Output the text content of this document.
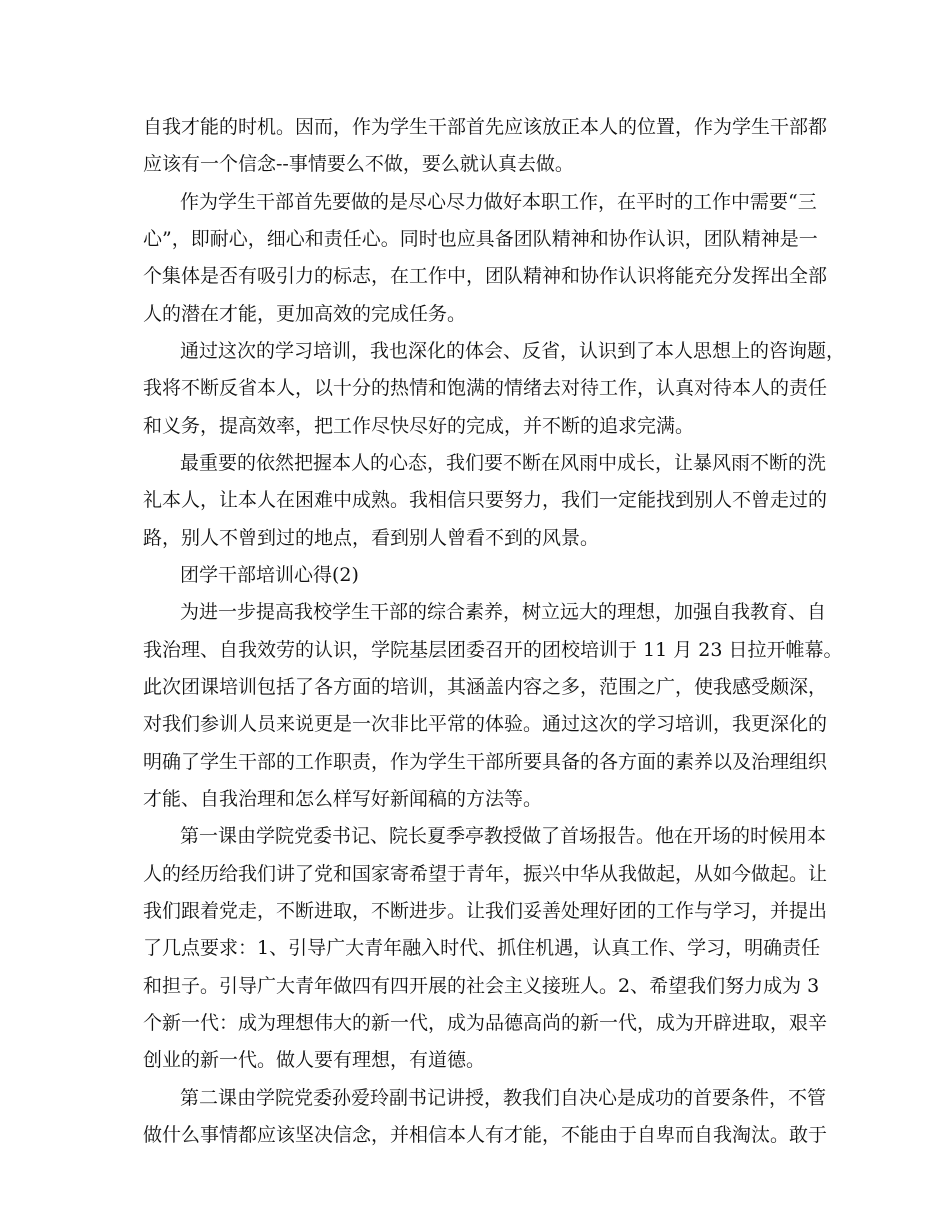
自我才能的时机。因而，作为学生干部首先应该放正本人的位置，作为学生干部都
应该有一个信念--事情要么不做，要么就认真去做。
作为学生干部首先要做的是尽心尽力做好本职工作，在平时的工作中需要“三
心”，即耐心，细心和责任心。同时也应具备团队精神和协作认识，团队精神是一
个集体是否有吸引力的标志，在工作中，团队精神和协作认识将能充分发挥出全部
人的潜在才能，更加高效的完成任务。
通过这次的学习培训，我也深化的体会、反省，认识到了本人思想上的咨询题，
我将不断反省本人，以十分的热情和饱满的情绪去对待工作，认真对待本人的责任
和义务，提高效率，把工作尽快尽好的完成，并不断的追求完满。
最重要的依然把握本人的心态，我们要不断在风雨中成长，让暴风雨不断的洗
礼本人，让本人在困难中成熟。我相信只要努力，我们一定能找到别人不曾走过的
路，别人不曾到过的地点，看到别人曾看不到的风景。
团学干部培训心得(2)
为进一步提高我校学生干部的综合素养，树立远大的理想，加强自我教育、自
我治理、自我效劳的认识，学院基层团委召开的团校培训于 11 月 23 日拉开帷幕。
此次团课培训包括了各方面的培训，其涵盖内容之多，范围之广，使我感受颇深，
对我们参训人员来说更是一次非比平常的体验。通过这次的学习培训，我更深化的
明确了学生干部的工作职责，作为学生干部所要具备的各方面的素养以及治理组织
才能、自我治理和怎么样写好新闻稿的方法等。
第一课由学院党委书记、院长夏季亭教授做了首场报告。他在开场的时候用本
人的经历给我们讲了党和国家寄希望于青年，振兴中华从我做起，从如今做起。让
我们跟着党走，不断进取，不断进步。让我们妥善处理好团的工作与学习，并提出
了几点要求：1、引导广大青年融入时代、抓住机遇，认真工作、学习，明确责任
和担子。引导广大青年做四有四开展的社会主义接班人。2、希望我们努力成为 3
个新一代：成为理想伟大的新一代，成为品德高尚的新一代，成为开辟进取，艰辛
创业的新一代。做人要有理想，有道德。
第二课由学院党委孙爱玲副书记讲授，教我们自决心是成功的首要条件，不管
做什么事情都应该坚决信念，并相信本人有才能，不能由于自卑而自我淘汰。敢于
